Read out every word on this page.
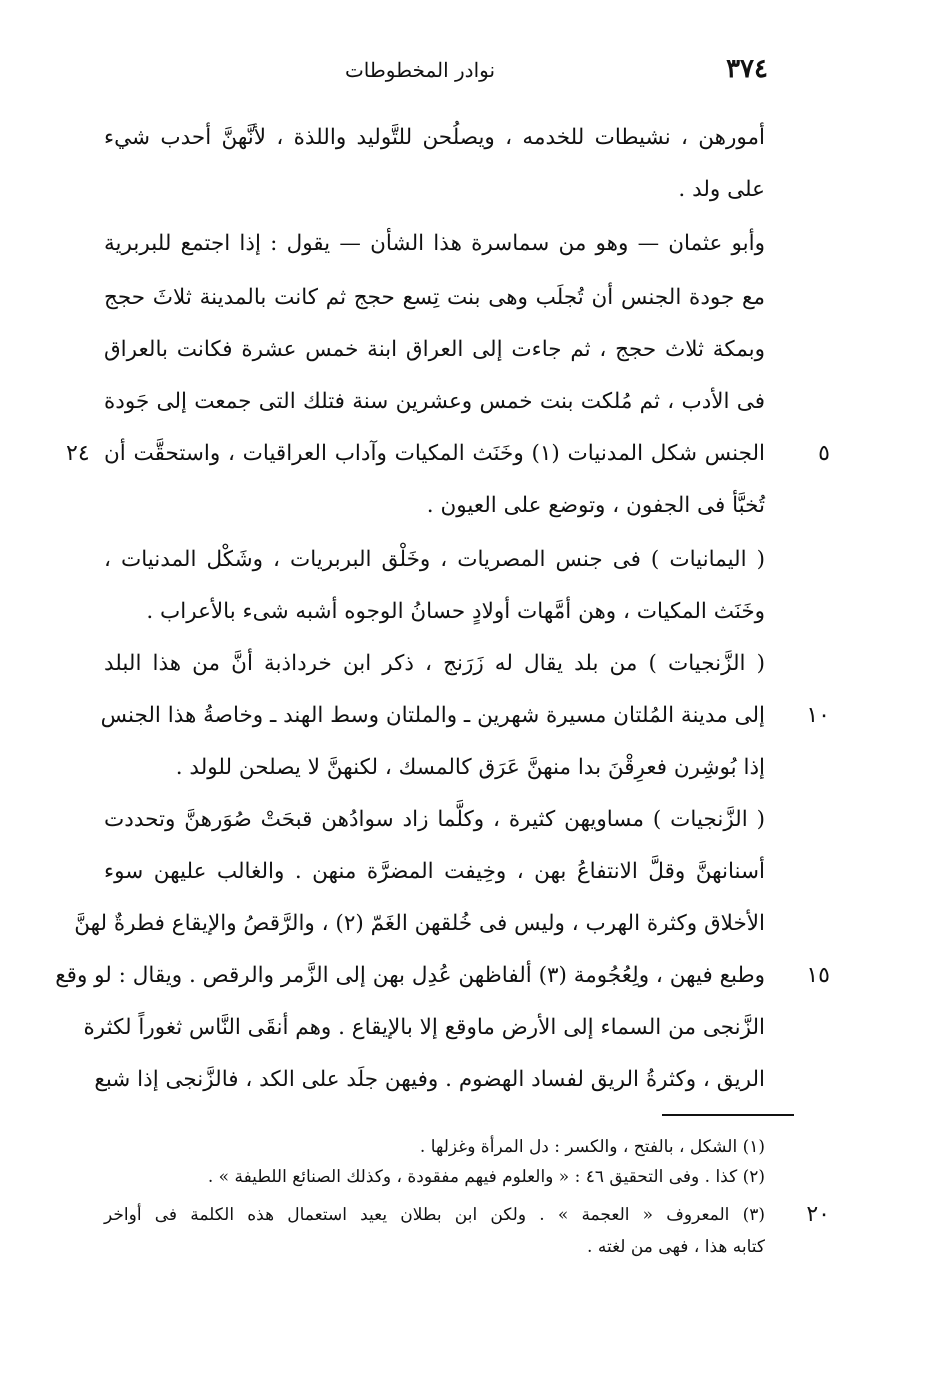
٣٧٤
نوادر المخطوطات
أمورهن ، نشيطات للخدمه ، ويصلُحن للتَّوليد واللذة ، لأنَّهنَّ أحدب شيء
على ولد .
وأبو عثمان — وهو من سماسرة هذا الشأن — يقول : إذا اجتمع للبربرية
مع جودة الجنس أن تُجلَب وهى بنت تِسع حجج ثم كانت بالمدينة ثلاثَ حجج
وبمكة ثلاث حجج ، ثم جاءت إلى العراق ابنة خمس عشرة فكانت بالعراق
فى الأدب ، ثم مُلكت بنت خمس وعشرين سنة فتلك التى جمعت إلى جَودة
الجنس شكل المدنيات (١) وخَنَث المكيات وآداب العراقيات ، واستحقَّت أن
تُخبَّأ فى الجفون ، وتوضع على العيون .
( اليمانيات ) فى جنس المصريات ، وخَلْق البربريات ، وشَكْل المدنيات ،
وخَنَث المكيات ، وهن أمَّهات أولادٍ حسانُ الوجوه أشبه شىء بالأعراب .
( الزَّنجيات ) من بلد يقال له زَرَنج ، ذكر ابن خرداذبة أنَّ من هذا البلد
إلى مدينة المُلتان مسيرة شهرين ـ والملتان وسط الهند ـ وخاصةُ هذا الجنس
إذا بُوشِرن فعرِقْنَ بدا منهنَّ عَرَق كالمسك ، لكنهنَّ لا يصلحن للولد .
( الزَّنجيات ) مساويهن كثيرة ، وكلَّما زاد سوادُهن قبحَتْ صُوَرهنَّ وتحددت
أسنانهنَّ وقلَّ الانتفاعُ بهن ، وخِيفت المضرَّة منهن . والغالب عليهن سوء
الأخلاق وكثرة الهرب ، وليس فى خُلقهن الغَمّ (٢) ، والرَّقصُ والإيقاع فطرةٌ لهنَّ
وطبع فيهن ، ولِعُجُومة (٣) ألفاظهن عُدِل بهن إلى الزَّمر والرقص . ويقال : لو وقع
الزَّنجى من السماء إلى الأرض ماوقع إلا بالإيقاع . وهم أنقَى النَّاس ثغوراً لكثرة
الريق ، وكثرةُ الريق لفساد الهضوم . وفيهن جلَد على الكد ، فالزَّنجى إذا شبع
٥
٢٤
١٠
١٥
(١) الشكل ، بالفتح ، والكسر : دل المرأة وغزلها .
(٢) كذا . وفى التحقيق ٤٦ : « والعلوم فيهم مفقودة ، وكذلك الصنائع اللطيفة » .
(٣) المعروف « العجمة » . ولكن ابن بطلان يعيد استعمال هذه الكلمة فى أواخر
كتابه هذا ، فهى من لغته .
٢٠
